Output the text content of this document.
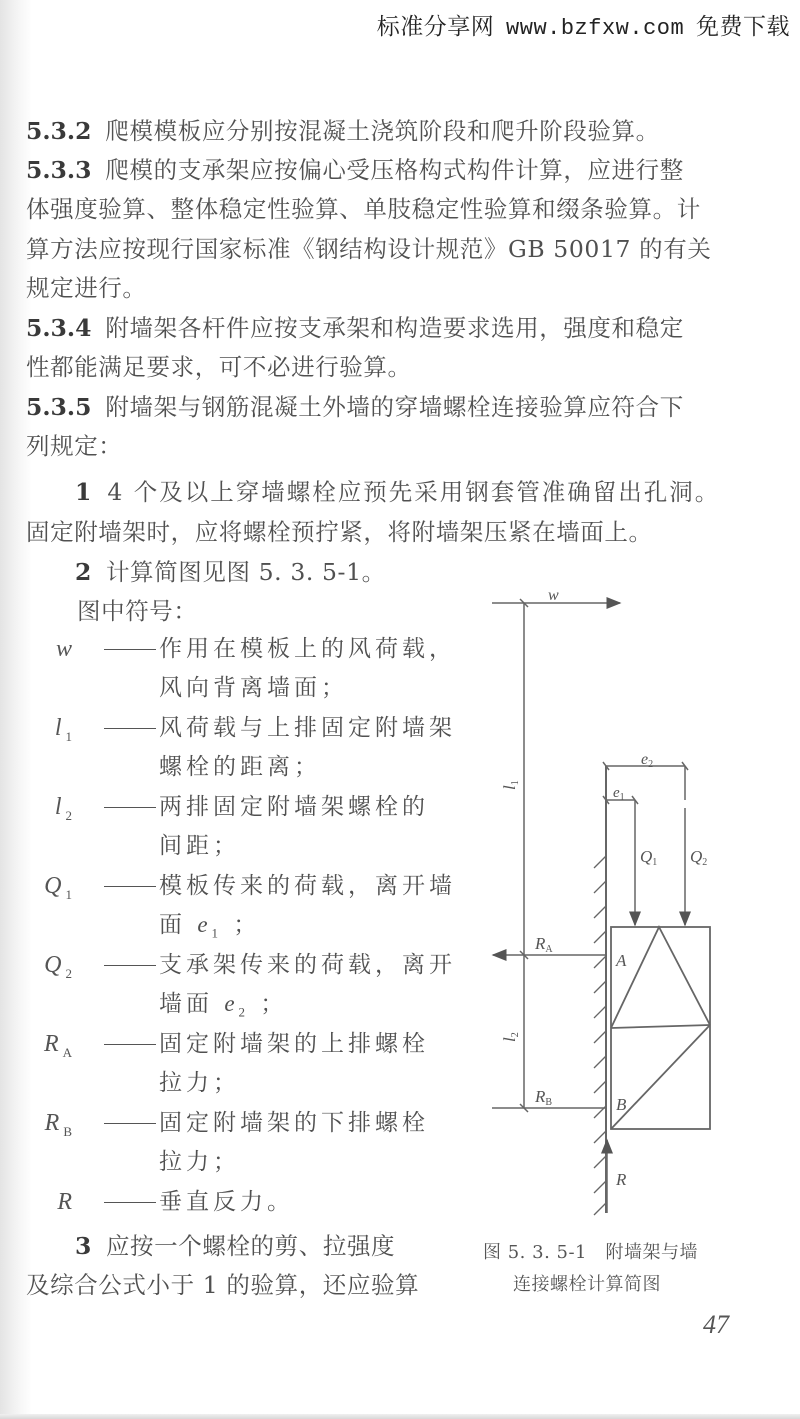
标准分享网 www.bzfxw.com 免费下载
5.3.2 爬模模板应分别按混凝土浇筑阶段和爬升阶段验算。
5.3.3 爬模的支承架应按偏心受压格构式构件计算，应进行整
体强度验算、整体稳定性验算、单肢稳定性验算和缀条验算。计
算方法应按现行国家标准《钢结构设计规范》GB 50017 的有关
规定进行。
5.3.4 附墙架各杆件应按支承架和构造要求选用，强度和稳定
性都能满足要求，可不必进行验算。
5.3.5 附墙架与钢筋混凝土外墙的穿墙螺栓连接验算应符合下
列规定：
1 4 个及以上穿墙螺栓应预先采用钢套管准确留出孔洞。
固定附墙架时，应将螺栓预拧紧，将附墙架压紧在墙面上。
2 计算简图见图 5. 3. 5-1。
图中符号：
w	作用在模板上的风荷载，
风向背离墙面；
$l_1$	风荷载与上排固定附墙架
螺栓的距离；
$l_2$	两排固定附墙架螺栓的
间距；
$Q_1$	模板传来的荷载，离开墙
面 $e_1$ ；
$Q_2$	支承架传来的荷载，离开
墙面 $e_2$ ；
$R_A$	固定附墙架的上排螺栓
拉力；
$R_B$	固定附墙架的下排螺栓
拉力；
R	垂直反力。
3 应按一个螺栓的剪、拉强度
及综合公式小于 1 的验算，还应验算
w
l1
l2
e2
$e_1$
Q1 Q2
RA
RB
A
B
R
图 5. 3. 5-1　附墙架与墙
连接螺栓计算简图
47
